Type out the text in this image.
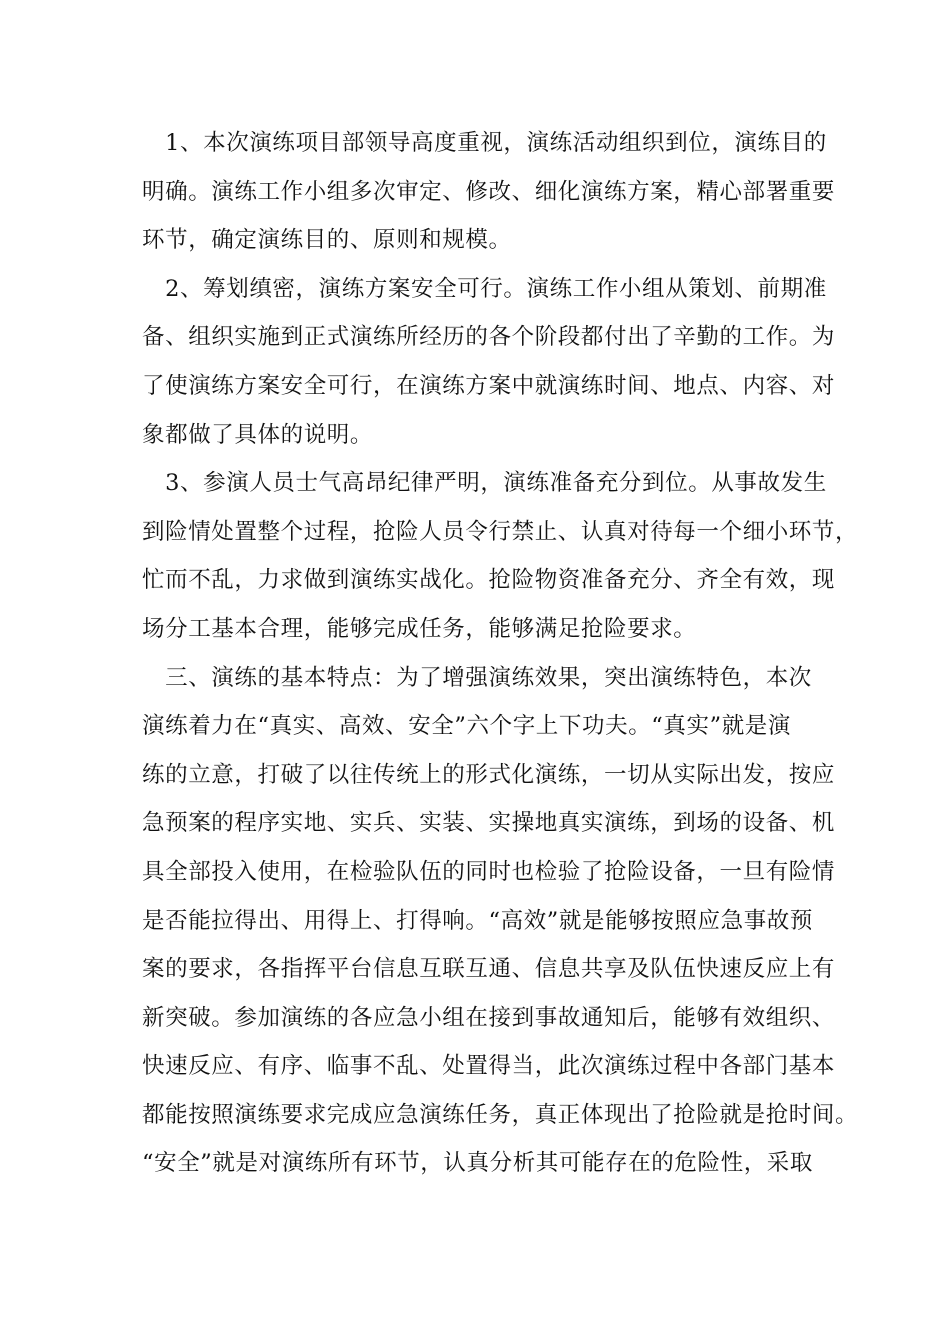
　1、本次演练项目部领导高度重视，演练活动组织到位，演练目的
明确。演练工作小组多次审定、修改、细化演练方案，精心部署重要
环节，确定演练目的、原则和规模。
　2、筹划缜密，演练方案安全可行。演练工作小组从策划、前期准
备、组织实施到正式演练所经历的各个阶段都付出了辛勤的工作。为
了使演练方案安全可行，在演练方案中就演练时间、地点、内容、对
象都做了具体的说明。
　3、参演人员士气高昂纪律严明，演练准备充分到位。从事故发生
到险情处置整个过程，抢险人员令行禁止、认真对待每一个细小环节，
忙而不乱，力求做到演练实战化。抢险物资准备充分、齐全有效，现
场分工基本合理，能够完成任务，能够满足抢险要求。
　三、演练的基本特点：为了增强演练效果，突出演练特色，本次
演练着力在“真实、高效、安全”六个字上下功夫。“真实”就是演
练的立意，打破了以往传统上的形式化演练，一切从实际出发，按应
急预案的程序实地、实兵、实装、实操地真实演练，到场的设备、机
具全部投入使用，在检验队伍的同时也检验了抢险设备，一旦有险情
是否能拉得出、用得上、打得响。“高效”就是能够按照应急事故预
案的要求，各指挥平台信息互联互通、信息共享及队伍快速反应上有
新突破。参加演练的各应急小组在接到事故通知后，能够有效组织、
快速反应、有序、临事不乱、处置得当，此次演练过程中各部门基本
都能按照演练要求完成应急演练任务，真正体现出了抢险就是抢时间。
“安全”就是对演练所有环节，认真分析其可能存在的危险性，采取
